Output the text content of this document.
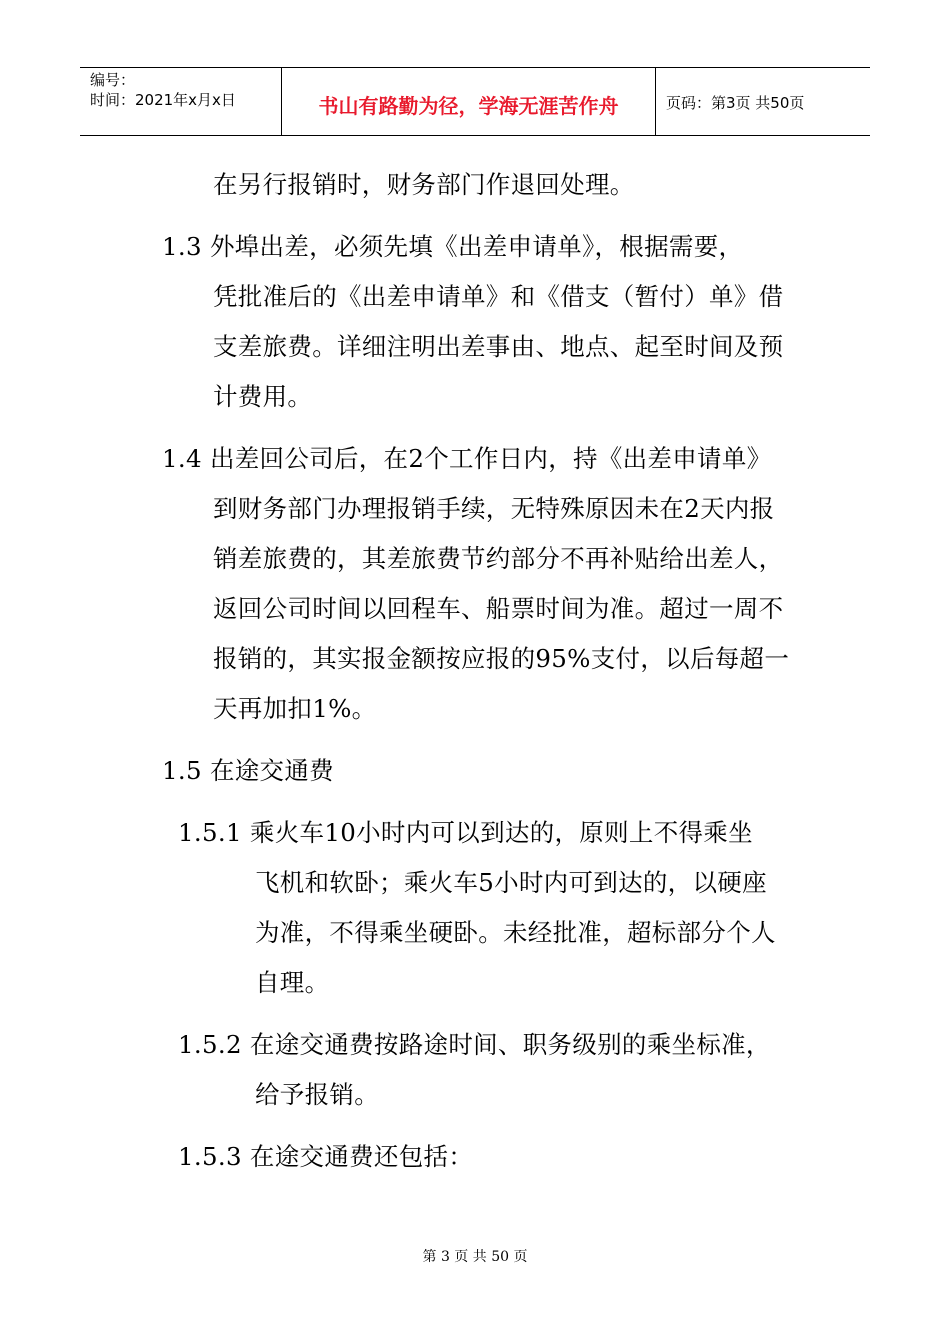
编号：
时间：2021年x月x日	书山有路勤为径，学海无涯苦作舟	页码：第3页 共50页
在另行报销时，财务部门作退回处理。
1.3 外埠出差，必须先填《出差申请单》，根据需要，
凭批准后的《出差申请单》和《借支（暂付）单》借
支差旅费。详细注明出差事由、地点、起至时间及预
计费用。
1.4 出差回公司后，在2个工作日内，持《出差申请单》
到财务部门办理报销手续，无特殊原因未在2天内报
销差旅费的，其差旅费节约部分不再补贴给出差人，
返回公司时间以回程车、船票时间为准。超过一周不
报销的，其实报金额按应报的95%支付，以后每超一
天再加扣1%。
1.5 在途交通费
1.5.1 乘火车10小时内可以到达的，原则上不得乘坐
飞机和软卧；乘火车5小时内可到达的，以硬座
为准，不得乘坐硬卧。未经批准，超标部分个人
自理。
1.5.2 在途交通费按路途时间、职务级别的乘坐标准，
给予报销。
1.5.3 在途交通费还包括：
第 3 页 共 50 页
